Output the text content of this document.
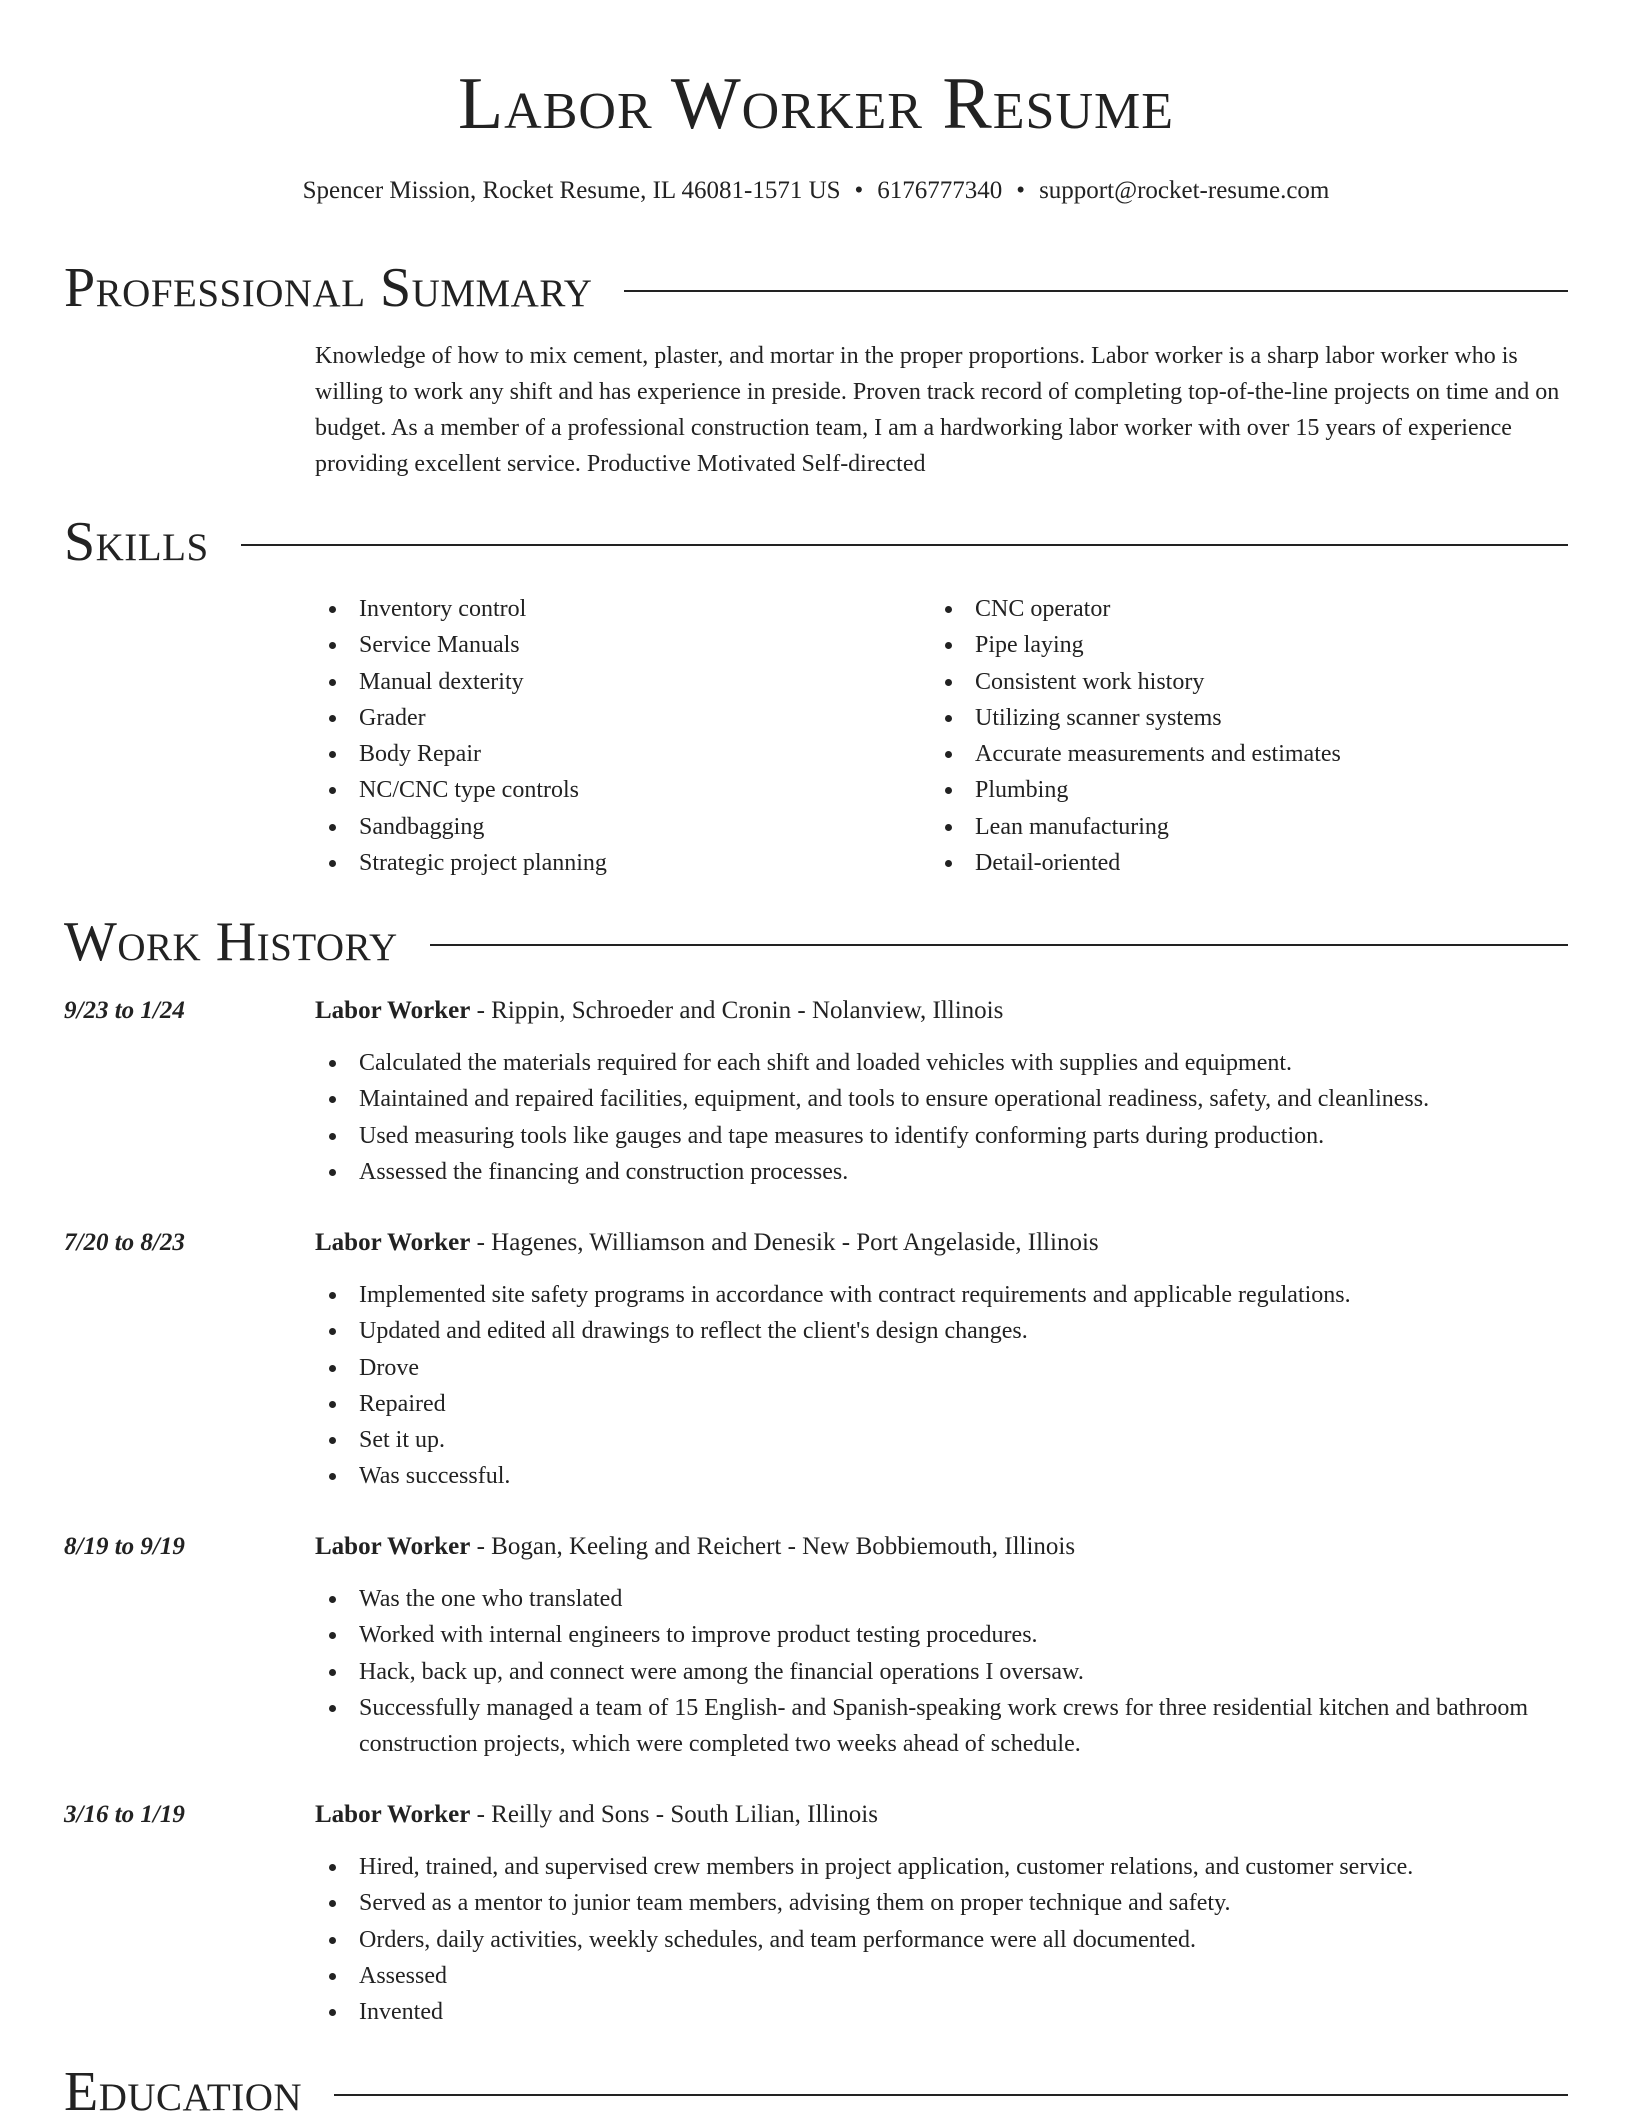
Labor Worker Resume
Spencer Mission, Rocket Resume, IL 46081-1571 US • 6176777340 • support@rocket-resume.com
Professional Summary

Knowledge of how to mix cement, plaster, and mortar in the proper proportions. Labor worker is a sharp labor worker who is willing to work any shift and has experience in preside. Proven track record of completing top-of-the-line projects on time and on budget. As a member of a professional construction team, I am a hardworking labor worker with over 15 years of experience providing excellent service. Productive Motivated Self-directed

Skills
Inventory control
Service Manuals
Manual dexterity
Grader
Body Repair
NC/CNC type controls
Sandbagging
Strategic project planning
CNC operator
Pipe laying
Consistent work history
Utilizing scanner systems
Accurate measurements and estimates
Plumbing
Lean manufacturing
Detail-oriented
Work History
9/23 to 1/24	Labor Worker - Rippin, Schroeder and Cronin - Nolanview, Illinois
Calculated the materials required for each shift and loaded vehicles with supplies and equipment.
Maintained and repaired facilities, equipment, and tools to ensure operational readiness, safety, and cleanliness.
Used measuring tools like gauges and tape measures to identify conforming parts during production.
Assessed the financing and construction processes.
7/20 to 8/23	Labor Worker - Hagenes, Williamson and Denesik - Port Angelaside, Illinois
Implemented site safety programs in accordance with contract requirements and applicable regulations.
Updated and edited all drawings to reflect the client's design changes.
Drove
Repaired
Set it up.
Was successful.
8/19 to 9/19	Labor Worker - Bogan, Keeling and Reichert - New Bobbiemouth, Illinois
Was the one who translated
Worked with internal engineers to improve product testing procedures.
Hack, back up, and connect were among the financial operations I oversaw.
Successfully managed a team of 15 English- and Spanish-speaking work crews for three residential kitchen and bathroom construction projects, which were completed two weeks ahead of schedule.
3/16 to 1/19	Labor Worker - Reilly and Sons - South Lilian, Illinois
Hired, trained, and supervised crew members in project application, customer relations, and customer service.
Served as a mentor to junior team members, advising them on proper technique and safety.
Orders, daily activities, weekly schedules, and team performance were all documented.
Assessed
Invented
Education
